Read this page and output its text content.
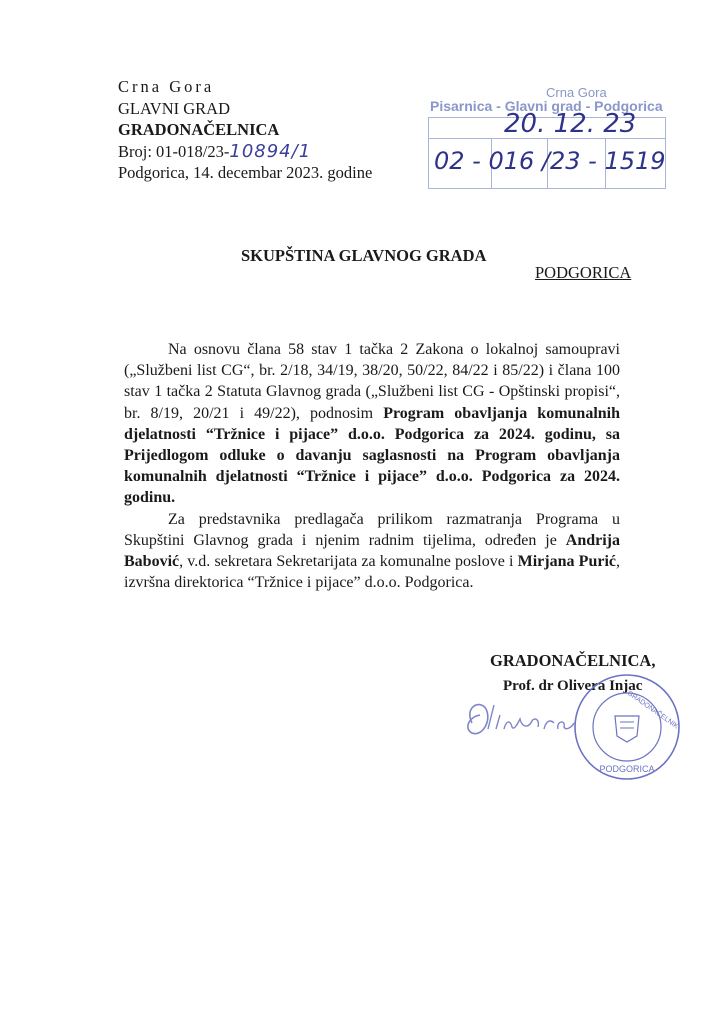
Crna Gora
GLAVNI GRAD
GRADONAČELNICA
Broj: 01-018/23-10894/1
Podgorica, 14. decembar 2023. godine
Crna Gora
Pisarnica - Glavni grad - Podgorica
20. 12. 23
02 - 016 /23 - 1519
SKUPŠTINA GLAVNOG GRADA
PODGORICA

Na osnovu člana 58 stav 1 tačka 2 Zakona o lokalnoj samoupravi („Službeni list CG“, br. 2/18, 34/19, 38/20, 50/22, 84/22 i 85/22) i člana 100 stav 1 tačka 2 Statuta Glavnog grada („Službeni list CG - Opštinski propisi“, br. 8/19, 20/21 i 49/22), podnosim Program obavljanja komunalnih djelatnosti “Tržnice i pijace” d.o.o. Podgorica za 2024. godinu, sa Prijedlogom odluke o davanju saglasnosti na Program obavljanja komunalnih djelatnosti “Tržnice i pijace” d.o.o. Podgorica za 2024. godinu.

Za predstavnika predlagača prilikom razmatranja Programa u Skupštini Glavnog grada i njenim radnim tijelima, određen je Andrija Babović, v.d. sekretara Sekretarijata za komunalne poslove i Mirjana Purić, izvršna direktorica “Tržnice i pijace” d.o.o. Podgorica.

GRADONAČELNICA,
Prof. dr Olivera Injac
PODGORICA
GRADONAČELNIK
